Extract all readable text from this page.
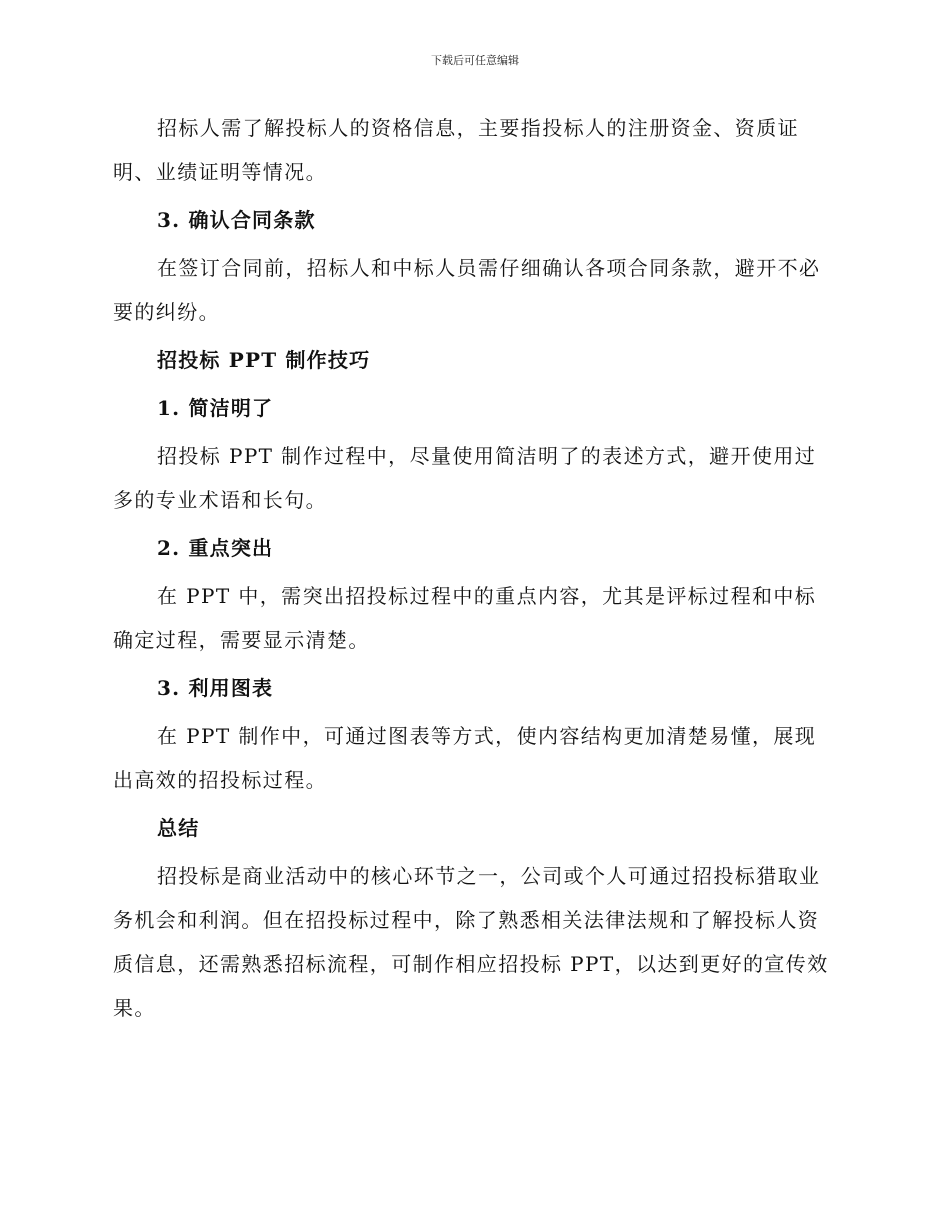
下载后可任意编辑

招标人需了解投标人的资格信息，主要指投标人的注册资金、资质证明、业绩证明等情况。

3. 确认合同条款

在签订合同前，招标人和中标人员需仔细确认各项合同条款，避开不必要的纠纷。

招投标 PPT 制作技巧
1. 简洁明了

招投标 PPT 制作过程中，尽量使用简洁明了的表述方式，避开使用过多的专业术语和长句。

2. 重点突出

在 PPT 中，需突出招投标过程中的重点内容，尤其是评标过程和中标确定过程，需要显示清楚。

3. 利用图表

在 PPT 制作中，可通过图表等方式，使内容结构更加清楚易懂，展现出高效的招投标过程。

总结

招投标是商业活动中的核心环节之一，公司或个人可通过招投标猎取业务机会和利润。但在招投标过程中，除了熟悉相关法律法规和了解投标人资质信息，还需熟悉招标流程，可制作相应招投标 PPT，以达到更好的宣传效果。
